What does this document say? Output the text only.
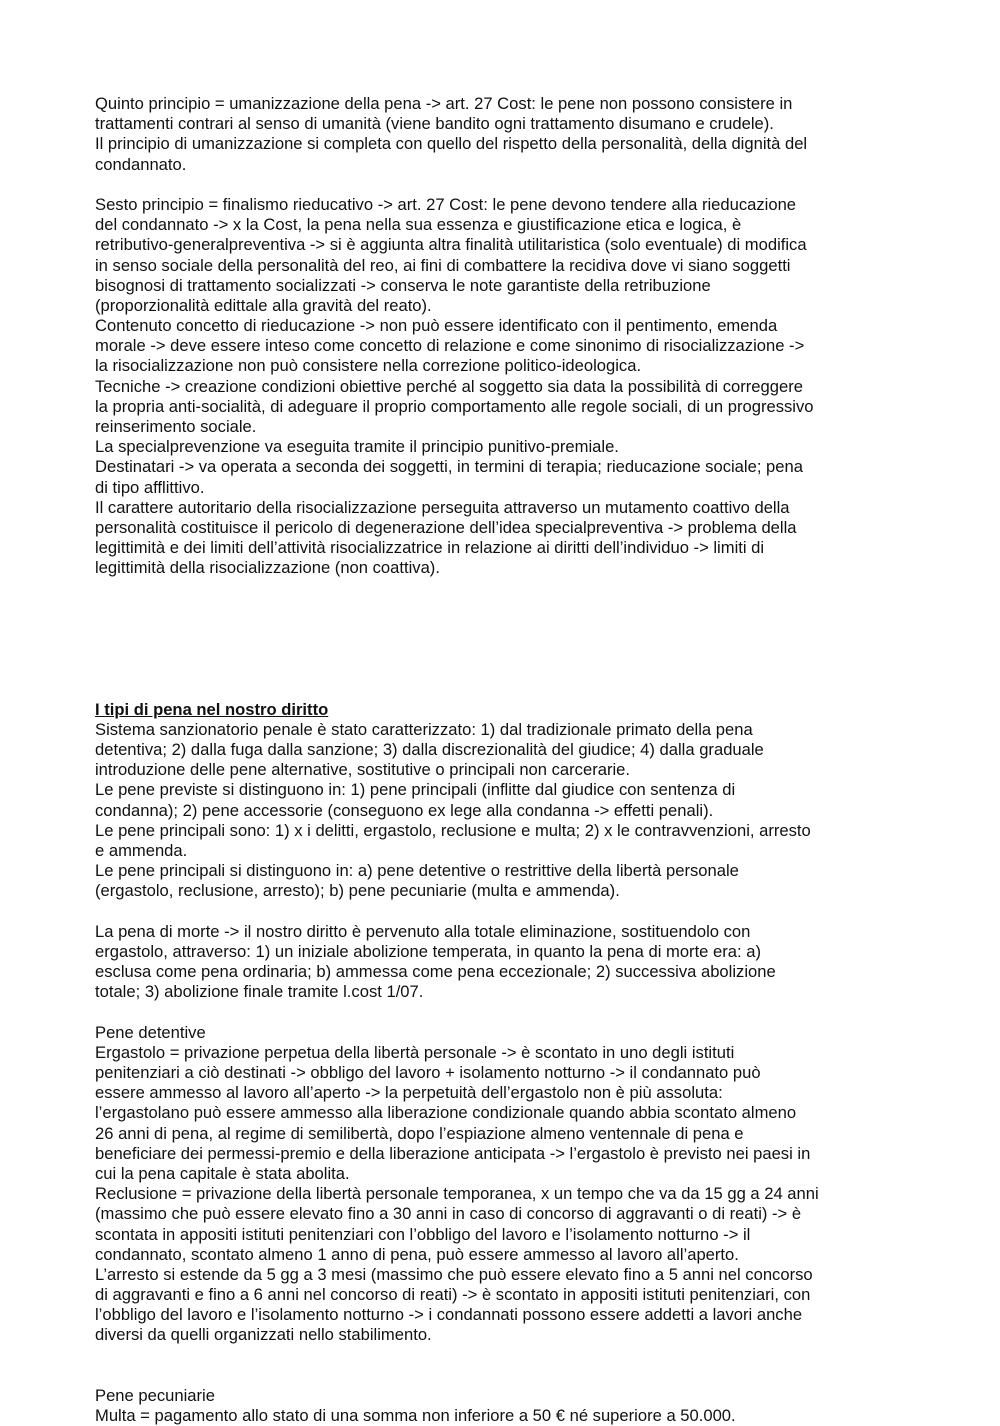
Quinto principio = umanizzazione della pena -> art. 27 Cost: le pene non possono consistere in
trattamenti contrari al senso di umanità (viene bandito ogni trattamento disumano e crudele).
Il principio di umanizzazione si completa con quello del rispetto della personalità, della dignità del
condannato.
Sesto principio = finalismo rieducativo -> art. 27 Cost: le pene devono tendere alla rieducazione
del condannato -> x la Cost, la pena nella sua essenza e giustificazione etica e logica, è
retributivo-generalpreventiva -> si è aggiunta altra finalità utilitaristica (solo eventuale) di modifica
in senso sociale della personalità del reo, ai fini di combattere la recidiva dove vi siano soggetti
bisognosi di trattamento socializzati -> conserva le note garantiste della retribuzione
(proporzionalità edittale alla gravità del reato).
Contenuto concetto di rieducazione -> non può essere identificato con il pentimento, emenda
morale -> deve essere inteso come concetto di relazione e come sinonimo di risocializzazione ->
la risocializzazione non può consistere nella correzione politico-ideologica.
Tecniche -> creazione condizioni obiettive perché al soggetto sia data la possibilità di correggere
la propria anti-socialità, di adeguare il proprio comportamento alle regole sociali, di un progressivo
reinserimento sociale.
La specialprevenzione va eseguita tramite il principio punitivo-premiale.
Destinatari -> va operata a seconda dei soggetti, in termini di terapia; rieducazione sociale; pena
di tipo afflittivo.
Il carattere autoritario della risocializzazione perseguita attraverso un mutamento coattivo della
personalità costituisce il pericolo di degenerazione dell’idea specialpreventiva -> problema della
legittimità e dei limiti dell’attività risocializzatrice in relazione ai diritti dell’individuo -> limiti di
legittimità della risocializzazione (non coattiva).
I tipi di pena nel nostro diritto
Sistema sanzionatorio penale è stato caratterizzato: 1) dal tradizionale primato della pena
detentiva; 2) dalla fuga dalla sanzione; 3) dalla discrezionalità del giudice; 4) dalla graduale
introduzione delle pene alternative, sostitutive o principali non carcerarie.
Le pene previste si distinguono in: 1) pene principali (inflitte dal giudice con sentenza di
condanna); 2) pene accessorie (conseguono ex lege alla condanna -> effetti penali).
Le pene principali sono: 1) x i delitti, ergastolo, reclusione e multa; 2) x le contravvenzioni, arresto
e ammenda.
Le pene principali si distinguono in: a) pene detentive o restrittive della libertà personale
(ergastolo, reclusione, arresto); b) pene pecuniarie (multa e ammenda).
La pena di morte -> il nostro diritto è pervenuto alla totale eliminazione, sostituendolo con
ergastolo, attraverso: 1) un iniziale abolizione temperata, in quanto la pena di morte era: a)
esclusa come pena ordinaria; b) ammessa come pena eccezionale; 2) successiva abolizione
totale; 3) abolizione finale tramite l.cost 1/07.
Pene detentive
Ergastolo = privazione perpetua della libertà personale -> è scontato in uno degli istituti
penitenziari a ciò destinati -> obbligo del lavoro + isolamento notturno -> il condannato può
essere ammesso al lavoro all’aperto -> la perpetuità dell’ergastolo non è più assoluta:
l’ergastolano può essere ammesso alla liberazione condizionale quando abbia scontato almeno
26 anni di pena, al regime di semilibertà, dopo l’espiazione almeno ventennale di pena e
beneficiare dei permessi-premio e della liberazione anticipata -> l’ergastolo è previsto nei paesi in
cui la pena capitale è stata abolita.
Reclusione = privazione della libertà personale temporanea, x un tempo che va da 15 gg a 24 anni
(massimo che può essere elevato fino a 30 anni in caso di concorso di aggravanti o di reati) -> è
scontata in appositi istituti penitenziari con l’obbligo del lavoro e l’isolamento notturno -> il
condannato, scontato almeno 1 anno di pena, può essere ammesso al lavoro all’aperto.
L’arresto si estende da 5 gg a 3 mesi (massimo che può essere elevato fino a 5 anni nel concorso
di aggravanti e fino a 6 anni nel concorso di reati) -> è scontato in appositi istituti penitenziari, con
l’obbligo del lavoro e l’isolamento notturno -> i condannati possono essere addetti a lavori anche
diversi da quelli organizzati nello stabilimento.
Pene pecuniarie
Multa = pagamento allo stato di una somma non inferiore a 50 € né superiore a 50.000.
